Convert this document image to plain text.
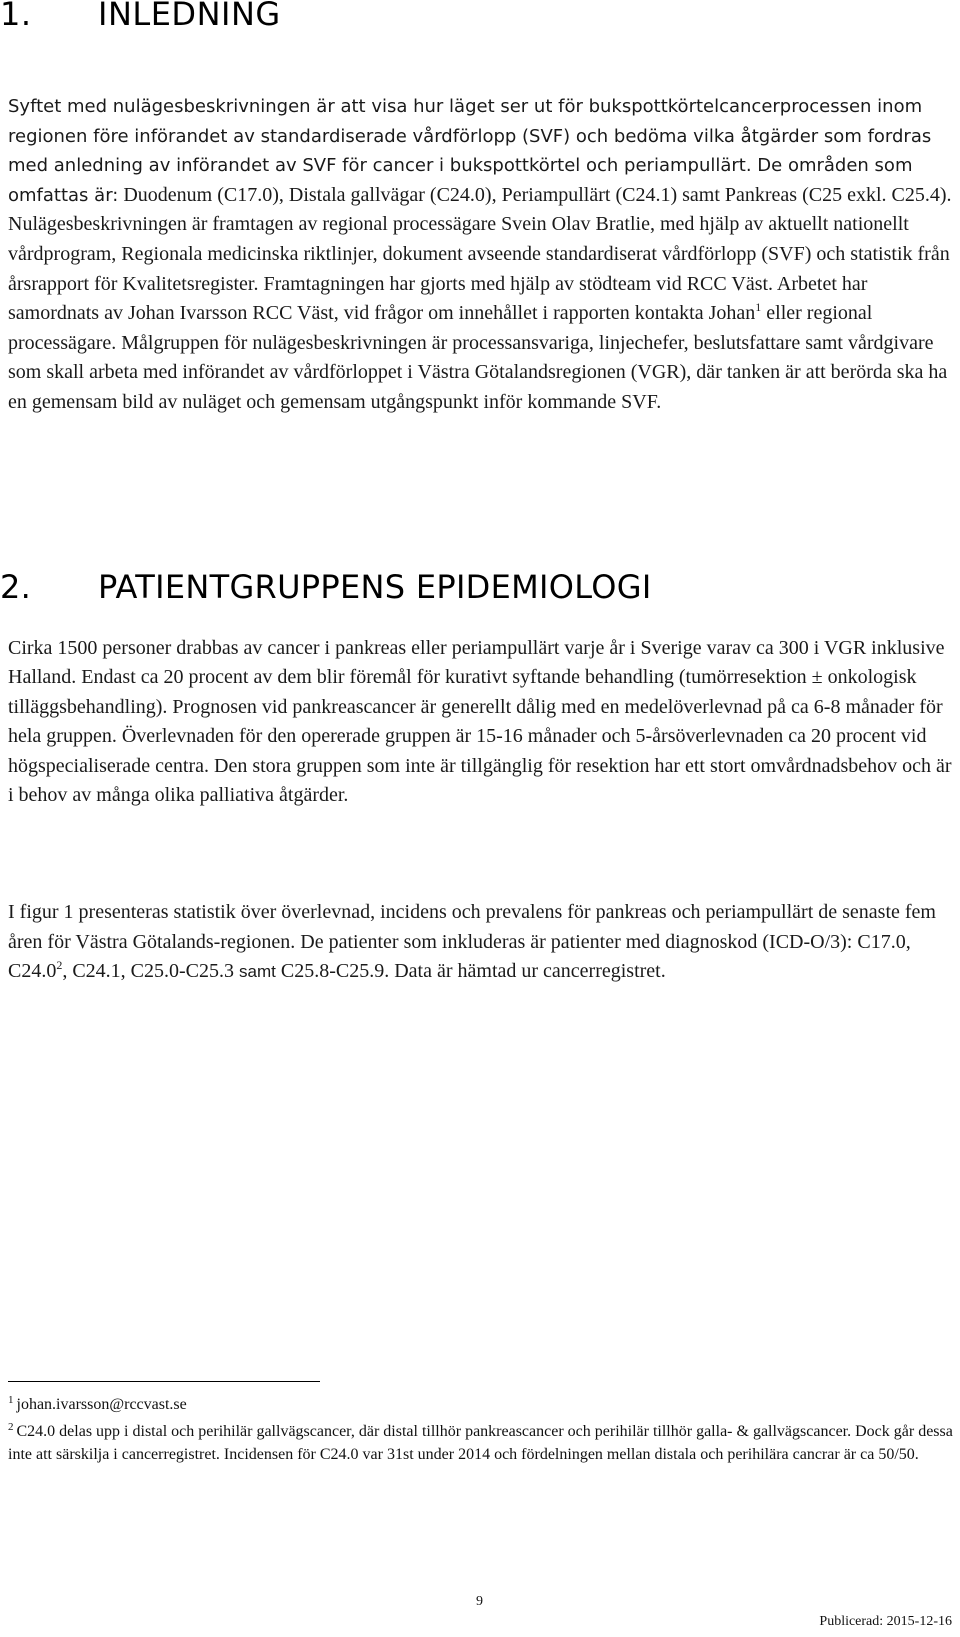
1. INLEDNING

Syftet med nulägesbeskrivningen är att visa hur läget ser ut för bukspottkörtelcancerprocessen inom regionen före införandet av standardiserade vårdförlopp (SVF) och bedöma vilka åtgärder som fordras med anledning av införandet av SVF för cancer i bukspottkörtel och periampullärt. De områden som omfattas är: Duodenum (C17.0), Distala gallvägar (C24.0), Periampullärt (C24.1) samt Pankreas (C25 exkl. C25.4). Nulägesbeskrivningen är framtagen av regional processägare Svein Olav Bratlie, med hjälp av aktuellt nationellt vårdprogram, Regionala medicinska riktlinjer, dokument avseende standardiserat vårdförlopp (SVF) och statistik från årsrapport för Kvalitetsregister. Framtagningen har gjorts med hjälp av stödteam vid RCC Väst. Arbetet har samordnats av Johan Ivarsson RCC Väst, vid frågor om innehållet i rapporten kontakta Johan$^1$ eller regional processägare. Målgruppen för nulägesbeskrivningen är processansvariga, linjechefer, beslutsfattare samt vårdgivare som skall arbeta med införandet av vårdförloppet i Västra Götalandsregionen (VGR), där tanken är att berörda ska ha en gemensam bild av nuläget och gemensam utgångspunkt inför kommande SVF.

2. PATIENTGRUPPENS EPIDEMIOLOGI

Cirka 1500 personer drabbas av cancer i pankreas eller periampullärt varje år i Sverige varav ca 300 i VGR inklusive Halland. Endast ca 20 procent av dem blir föremål för kurativt syftande behandling (tumörresektion ± onkologisk tilläggsbehandling). Prognosen vid pankreascancer är generellt dålig med en medelöverlevnad på ca 6-8 månader för hela gruppen. Överlevnaden för den opererade gruppen är 15-16 månader och 5-årsöverlevnaden ca 20 procent vid högspecialiserade centra. Den stora gruppen som inte är tillgänglig för resektion har ett stort omvårdnadsbehov och är i behov av många olika palliativa åtgärder.

I figur 1 presenteras statistik över överlevnad, incidens och prevalens för pankreas och periampullärt de senaste fem åren för Västra Götalands-regionen. De patienter som inkluderas är patienter med diagnoskod (ICD-O/3): C17.0, C24.0$^2$, C24.1, C25.0-C25.3 samt C25.8-C25.9. Data är hämtad ur cancerregistret.

$^1$ johan.ivarsson@rccvast.se

$^2$ C24.0 delas upp i distal och perihilär gallvägscancer, där distal tillhör pankreascancer och perihilär tillhör galla- & gallvägscancer. Dock går dessa inte att särskilja i cancerregistret. Incidensen för C24.0 var 31st under 2014 och fördelningen mellan distala och perihilära cancrar är ca 50/50.

9
Publicerad: 2015-12-16
